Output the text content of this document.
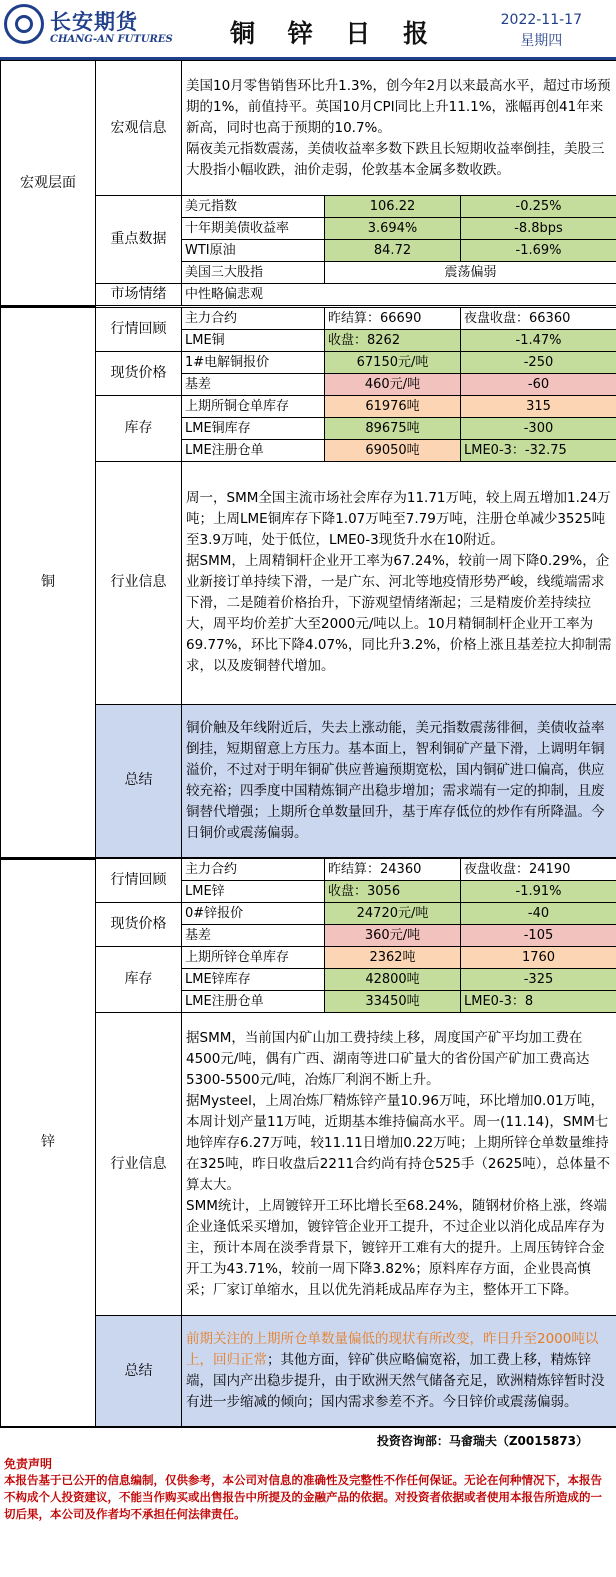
长安期货
CHANG-AN FUTURES 铜 锌 日 报	2022-11-17
星期四
宏观层面	宏观信息	美国10月零售销售环比升1.3%，创今年2月以来最高水平，超过市场预期的1%，前值持平。英国10月CPI同比上升11.1%，涨幅再创41年来新高，同时也高于预期的10.7%。
隔夜美元指数震荡，美债收益率多数下跌且长短期收益率倒挂，美股三大股指小幅收跌，油价走弱，伦敦基本金属多数收跌。		

	重点数据	美元指数	106.22	-0.25%
		十年期美债收益率	3.694%	-8.8bps
		WTI原油	84.72	-1.69%
		美国三大股指	震荡偏弱	
	市场情绪	中性略偏悲观		
铜	行情回顾	主力合约	昨结算：66690	夜盘收盘：66360
		LME铜	收盘：8262	-1.47%
	现货价格	1#电解铜报价	67150元/吨	-250
		基差	460元/吨	-60
	库存	上期所铜仓单库存	61976吨	315
		LME铜库存	89675吨	-300
		LME注册仓单	69050吨	LME0-3：-32.75
	行业信息	周一，SMM全国主流市场社会库存为11.71万吨，较上周五增加1.24万吨；上周LME铜库存下降1.07万吨至7.79万吨，注册仓单减少3525吨至3.9万吨，处于低位，LME0-3现货升水在10附近。
据SMM，上周精铜杆企业开工率为67.24%，较前一周下降0.29%，企业新接订单持续下滑，一是广东、河北等地疫情形势严峻，线缆端需求下滑，二是随着价格抬升，下游观望情绪渐起；三是精废价差持续拉大，周平均价差扩大至2000元/吨以上。10月精铜制杆企业开工率为69.77%，环比下降4.07%，同比升3.2%，价格上涨且基差拉大抑制需求，以及废铜替代增加。		

	总结	铜价触及年线附近后，失去上涨动能，美元指数震荡徘徊，美债收益率倒挂，短期留意上方压力。基本面上，智利铜矿产量下滑，上调明年铜溢价，不过对于明年铜矿供应普遍预期宽松，国内铜矿进口偏高，供应较充裕；四季度中国精炼铜产出稳步增加；需求端有一定的抑制，且废铜替代增强；上期所仓单数量回升，基于库存低位的炒作有所降温。今日铜价或震荡偏弱。		
锌	行情回顾	主力合约	昨结算：24360	夜盘收盘：24190
		LME锌	收盘：3056	-1.91%
	现货价格	0#锌报价	24720元/吨	-40
		基差	360元/吨	-105
	库存	上期所锌仓单库存	2362吨	1760
		LME锌库存	42800吨	-325
		LME注册仓单	33450吨	LME0-3：8
	行业信息	据SMM，当前国内矿山加工费持续上移，周度国产矿平均加工费在4500元/吨，偶有广西、湖南等进口矿量大的省份国产矿加工费高达5300-5500元/吨，冶炼厂利润不断上升。
据Mysteel，上周冶炼厂精炼锌产量10.96万吨，环比增加0.01万吨，本周计划产量11万吨，近期基本维持偏高水平。周一(11.14)，SMM七地锌库存6.27万吨，较11.11日增加0.22万吨；上期所锌仓单数量维持在325吨，昨日收盘后2211合约尚有持仓525手（2625吨），总体量不算太大。
SMM统计，上周镀锌开工环比增长至68.24%，随钢材价格上涨，终端企业逢低采买增加，镀锌管企业开工提升，不过企业以消化成品库存为主，预计本周在淡季背景下，镀锌开工难有大的提升。上周压铸锌合金开工为43.71%，较前一周下降3.82%；原料库存方面，企业畏高慎采；厂家订单缩水，且以优先消耗成品库存为主，整体开工下降。		

	总结	前期关注的上期所仓单数量偏低的现状有所改变，昨日升至2000吨以上，回归正常；其他方面，锌矿供应略偏宽裕，加工费上移，精炼锌端，国内产出稳步提升，由于欧洲天然气储备充足，欧洲精炼锌暂时没有进一步缩减的倾向；国内需求参差不齐。今日锌价或震荡偏弱。		
投资咨询部：马畲瑞夫（Z0015873）
免责声明
本报告基于已公开的信息编制，仅供参考，本公司对信息的准确性及完整性不作任何保证。无论在何种情况下，本报告不构成个人投资建议，不能当作购买或出售报告中所提及的金融产品的依据。对投资者依据或者使用本报告所造成的一切后果，本公司及作者均不承担任何法律责任。
